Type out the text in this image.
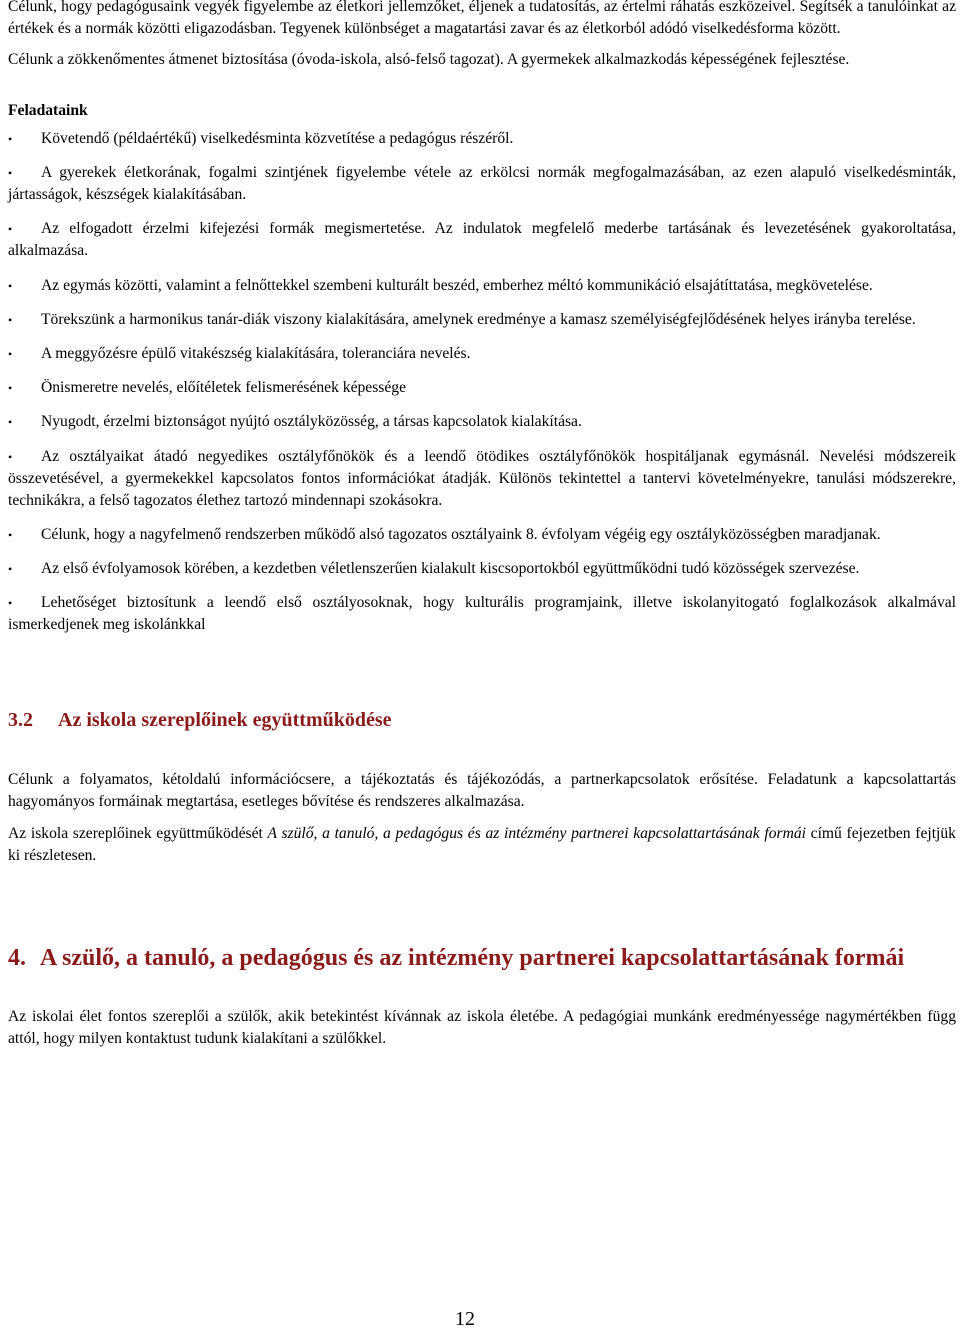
Célunk, hogy pedagógusaink vegyék figyelembe az életkori jellemzőket, éljenek a tudatosítás, az értelmi ráhatás eszközeivel. Segítsék a tanulóinkat az értékek és a normák közötti eligazodásban. Tegyenek különbséget a magatartási zavar és az életkorból adódó viselkedésforma között.

Célunk a zökkenőmentes átmenet biztosítása (óvoda-iskola, alsó-felső tagozat). A gyermekek alkalmazkodás képességének fejlesztése.

Feladataink

•	Követendő (példaértékű) viselkedésminta közvetítése a pedagógus részéről.
•	A gyerekek életkorának, fogalmi szintjének figyelembe vétele az erkölcsi normák megfogalmazásában, az ezen alapuló viselkedésminták, jártasságok, készségek kialakításában.
•	Az elfogadott érzelmi kifejezési formák megismertetése. Az indulatok megfelelő mederbe tartásának és levezetésének gyakoroltatása, alkalmazása.
•	Az egymás közötti, valamint a felnőttekkel szembeni kulturált beszéd, emberhez méltó kommunikáció elsajátíttatása, megkövetelése.
•	Törekszünk a harmonikus tanár-diák viszony kialakítására, amelynek eredménye a kamasz személyiségfejlődésének helyes irányba terelése.
•	A meggyőzésre épülő vitakészség kialakítására, toleranciára nevelés.
•	Önismeretre nevelés, előítéletek felismerésének képessége
•	Nyugodt, érzelmi biztonságot nyújtó osztályközösség, a társas kapcsolatok kialakítása.
•	Az osztályaikat átadó negyedikes osztályfőnökök és a leendő ötödikes osztályfőnökök hospitáljanak egymásnál. Nevelési módszereik összevetésével, a gyermekekkel kapcsolatos fontos információkat átadják. Különös tekintettel a tantervi követelményekre, tanulási módszerekre, technikákra, a felső tagozatos élethez tartozó mindennapi szokásokra.
•	Célunk, hogy a nagyfelmenő rendszerben működő alsó tagozatos osztályaink 8. évfolyam végéig egy osztályközösségben maradjanak.
•	Az első évfolyamosok körében, a kezdetben véletlenszerűen kialakult kiscsoportokból együttműködni tudó közösségek szervezése.
•	Lehetőséget biztosítunk a leendő első osztályosoknak, hogy kulturális programjaink, illetve iskolanyitogató foglalkozások alkalmával ismerkedjenek meg iskolánkkal
3.2 Az iskola szereplőinek együttműködése

Célunk a folyamatos, kétoldalú információcsere, a tájékoztatás és tájékozódás, a partnerkapcsolatok erősítése. Feladatunk a kapcsolattartás hagyományos formáinak megtartása, esetleges bővítése és rendszeres alkalmazása.

Az iskola szereplőinek együttműködését A szülő, a tanuló, a pedagógus és az intézmény partnerei kapcsolattartásának formái című fejezetben fejtjük ki részletesen.

4. A szülő, a tanuló, a pedagógus és az intézmény partnerei kapcsolattartásának formái

Az iskolai élet fontos szereplői a szülők, akik betekintést kívánnak az iskola életébe. A pedagógiai munkánk eredményessége nagymértékben függ attól, hogy milyen kontaktust tudunk kialakítani a szülőkkel.

12
